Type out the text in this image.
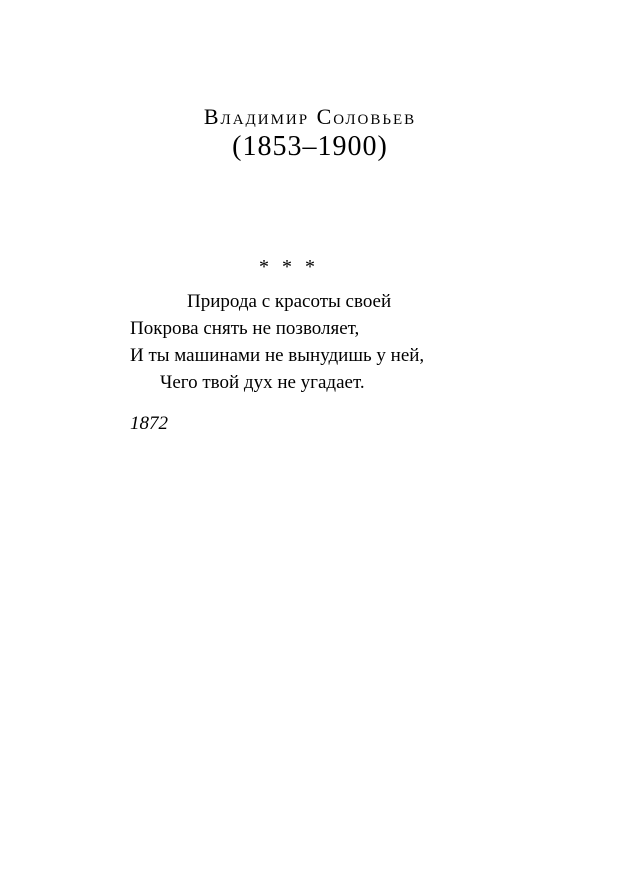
Владимир Соловьев
(1853–1900)
* * *
Природа с красоты своей
Покрова снять не позволяет,
И ты машинами не вынудишь у ней,
Чего твой дух не угадает.
1872
